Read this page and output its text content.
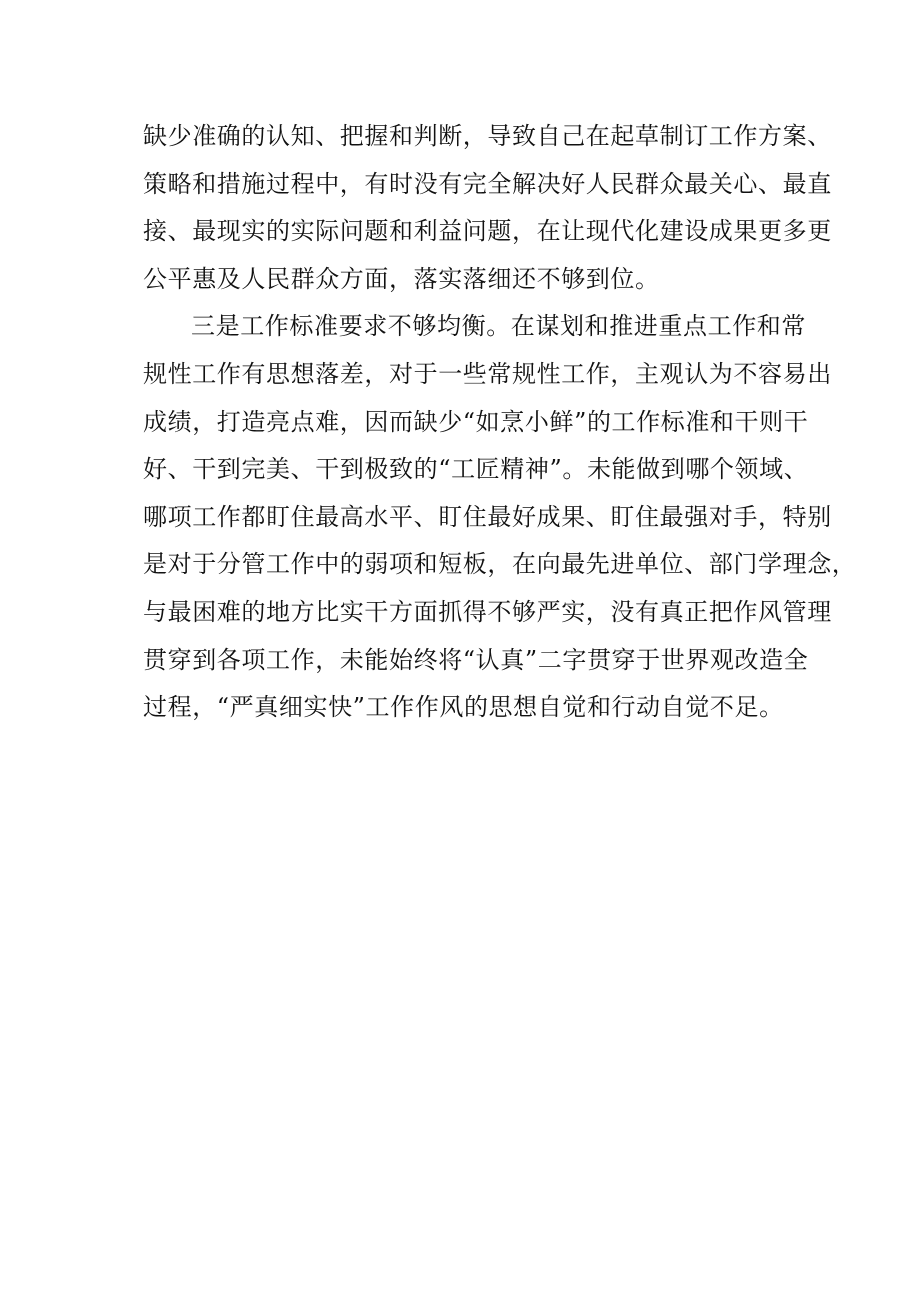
缺少准确的认知、把握和判断，导致自己在起草制订工作方案、
策略和措施过程中，有时没有完全解决好人民群众最关心、最直
接、最现实的实际问题和利益问题，在让现代化建设成果更多更
公平惠及人民群众方面，落实落细还不够到位。
三是工作标准要求不够均衡。在谋划和推进重点工作和常
规性工作有思想落差，对于一些常规性工作，主观认为不容易出
成绩，打造亮点难，因而缺少“如烹小鲜”的工作标准和干则干
好、干到完美、干到极致的“工匠精神”。未能做到哪个领域、
哪项工作都盯住最高水平、盯住最好成果、盯住最强对手，特别
是对于分管工作中的弱项和短板，在向最先进单位、部门学理念，
与最困难的地方比实干方面抓得不够严实，没有真正把作风管理
贯穿到各项工作，未能始终将“认真”二字贯穿于世界观改造全
过程，“严真细实快”工作作风的思想自觉和行动自觉不足。
